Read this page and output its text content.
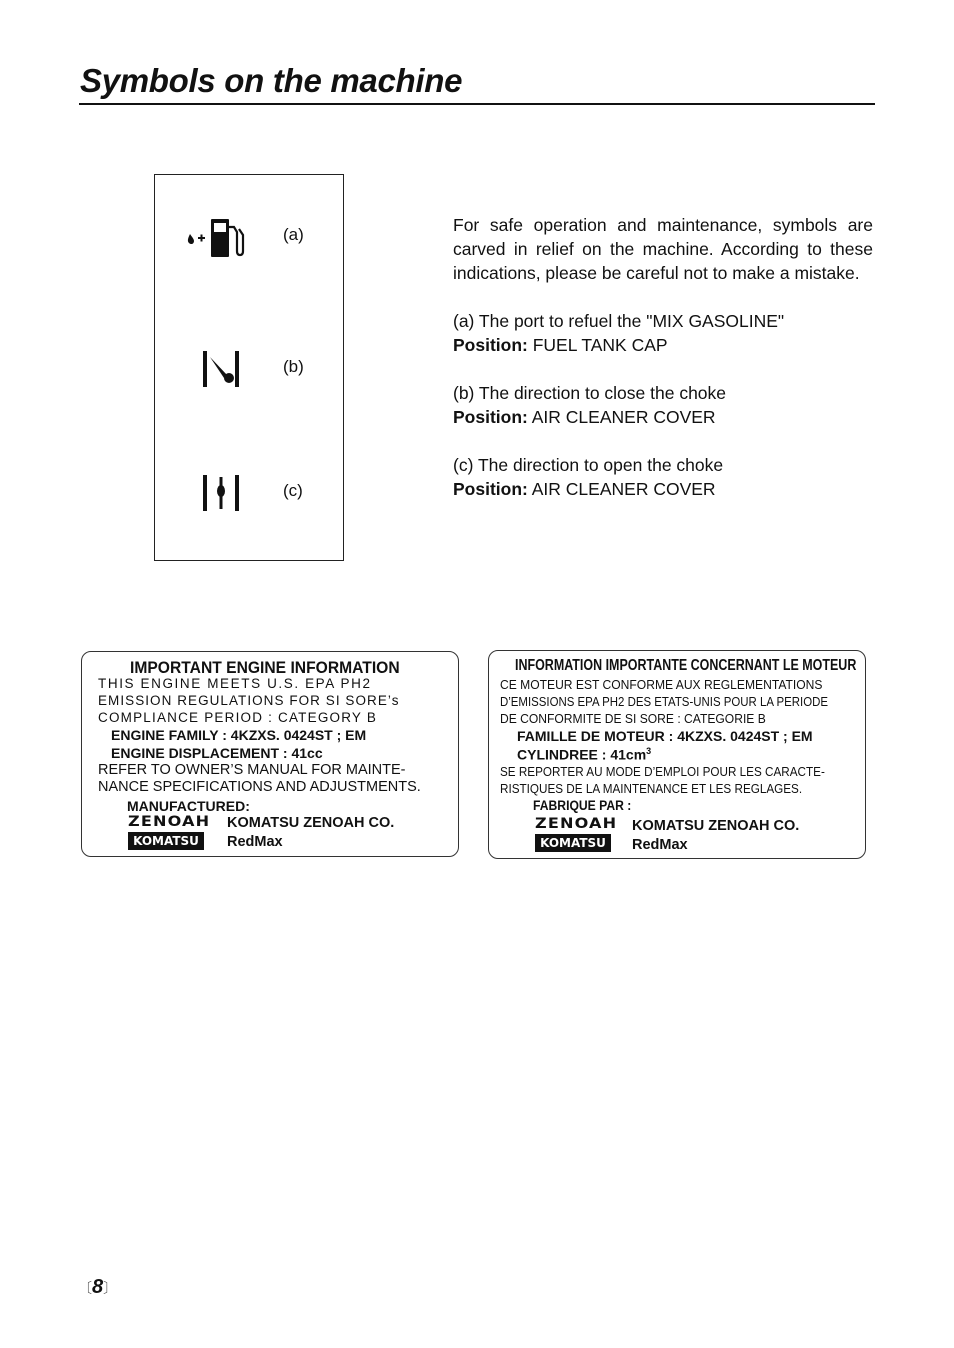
Symbols on the machine
(a)
(b)
(c)

For safe operation and maintenance, symbols are carved in relief on the machine. According to these indications, please be careful not to make a mistake.

(a) The port to refuel the "MIX GASOLINE"

Position: FUEL TANK CAP

(b) The direction to close the choke

Position: AIR CLEANER COVER

(c) The direction to open the choke

Position: AIR CLEANER COVER

IMPORTANT ENGINE INFORMATION
THIS ENGINE MEETS U.S. EPA PH2
EMISSION REGULATIONS FOR SI SORE’s
COMPLIANCE PERIOD : CATEGORY B
ENGINE FAMILY : 4KZXS. 0424ST ; EM
ENGINE DISPLACEMENT : 41cc
REFER TO OWNER’S MANUAL FOR MAINTE-
NANCE SPECIFICATIONS AND ADJUSTMENTS.
MANUFACTURED:
ZENOAH
KOMATSU
KOMATSU ZENOAH CO.
RedMax
INFORMATION IMPORTANTE CONCERNANT LE MOTEUR
CE MOTEUR EST CONFORME AUX REGLEMENTATIONS
D’EMISSIONS EPA PH2 DES ETATS-UNIS POUR LA PERIODE
DE CONFORMITE DE SI SORE : CATEGORIE B
FAMILLE DE MOTEUR : 4KZXS. 0424ST ; EM
CYLINDREE : $41cm^3$
SE REPORTER AU MODE D’EMPLOI POUR LES CARACTE-
RISTIQUES DE LA MAINTENANCE ET LES REGLAGES.
FABRIQUE PAR :
ZENOAH
KOMATSU
KOMATSU ZENOAH CO.
RedMax
〔8〕
